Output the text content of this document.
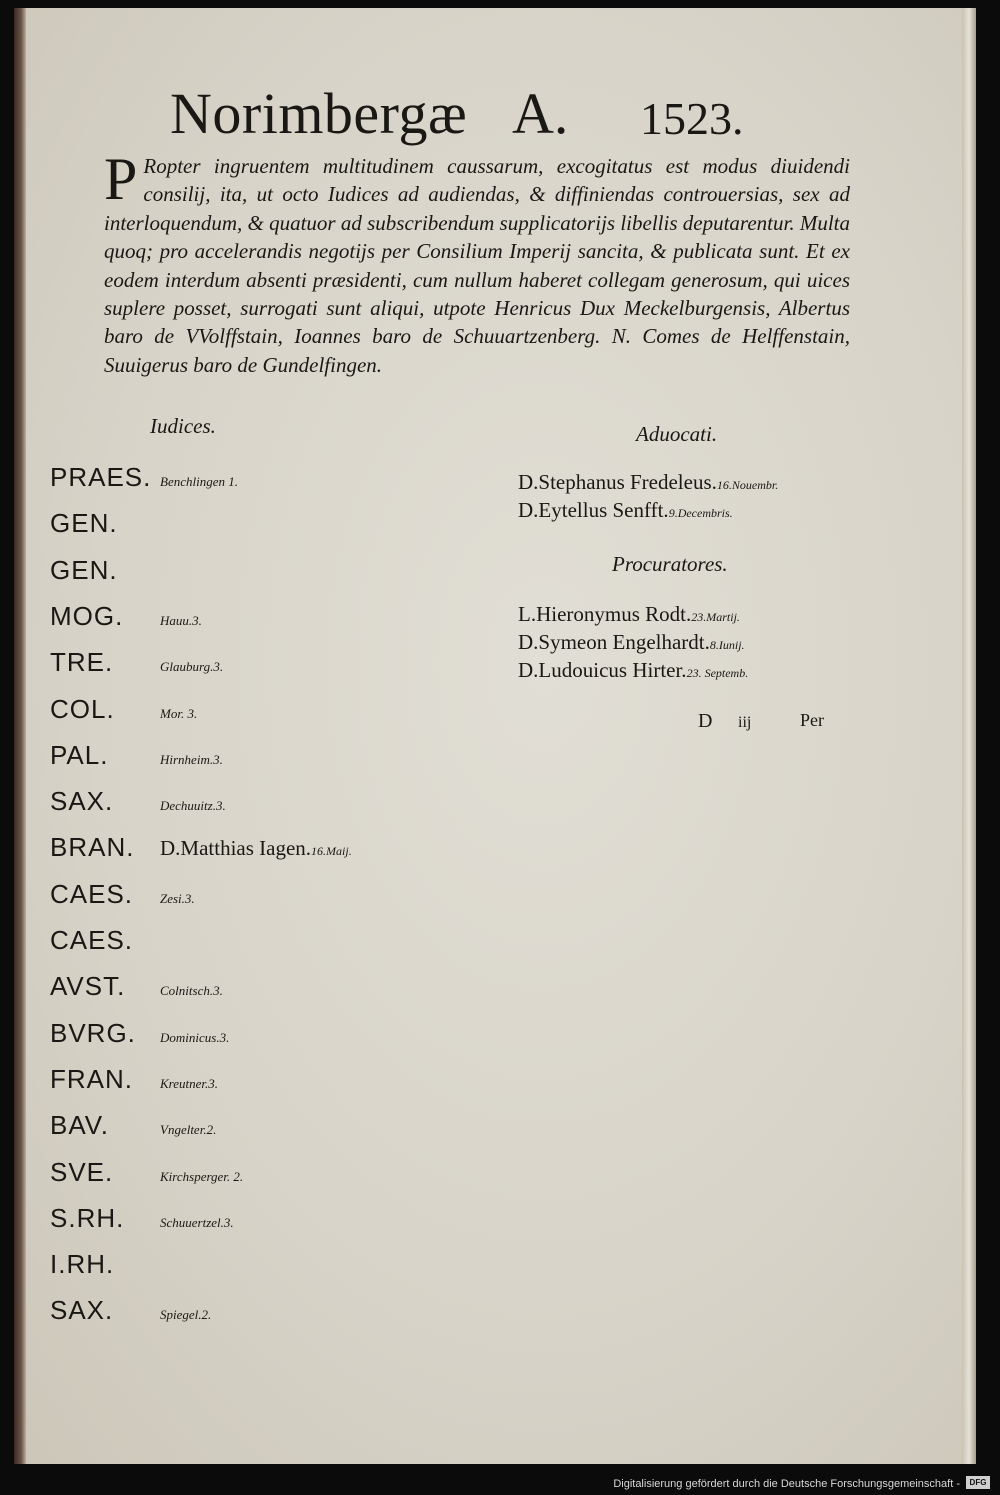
Norimbergæ A. 1523.
P Ropter ingruentem multitudinem caussarum, excogitatus est modus diuidendi consilij, ita, ut octo Iudices ad audiendas, & diffiniendas controuersias, sex ad interloquendum, & quatuor ad subscribendum supplicatorijs libellis deputarentur. Multa quoq; pro accelerandis negotijs per Consilium Imperij sancita, & publicata sunt. Et ex eodem interdum absenti præsidenti, cum nullum haberet collegam generosum, qui uices suplere posset, surrogati sunt aliqui, utpote Henricus Dux Meckelburgensis, Albertus baro de VVolffstain, Ioannes baro de Schuuartzenberg. N. Comes de Helffenstain, Suuigerus baro de Gundelfingen.
Iudices.
PRAES. Benchlingen 1.
GEN.
GEN.
MOG.	Hauu.3.
TRE.	Glauburg.3.
COL.	Mor. 3.
PAL.	Hirnheim.3.
SAX.	Dechuuitz.3.
BRAN. D.Matthias Iagen.16.Maij.
CAES. Zesi.3.
CAES.
AVST.	Colnitsch.3.
BVRG. Dominicus.3.
FRAN. Kreutner.3.
BAV.	Vngelter.2.
SVE.	Kirchsperger. 2.
S.RH.	Schuuertzel.3.
I.RH.
SAX.	Spiegel.2.
Aduocati.
D.Stephanus Fredeleus.16.Nouembr.
D.Eytellus Senfft.9.Decembris.
Procuratores.
L.Hieronymus Rodt.23.Martij.
D.Symeon Engelhardt.8.Iunij.
D.Ludouicus Hirter.23. Septemb.
D iij	Per
Digitalisierung gefördert durch die Deutsche Forschungsgemeinschaft -	DFG
